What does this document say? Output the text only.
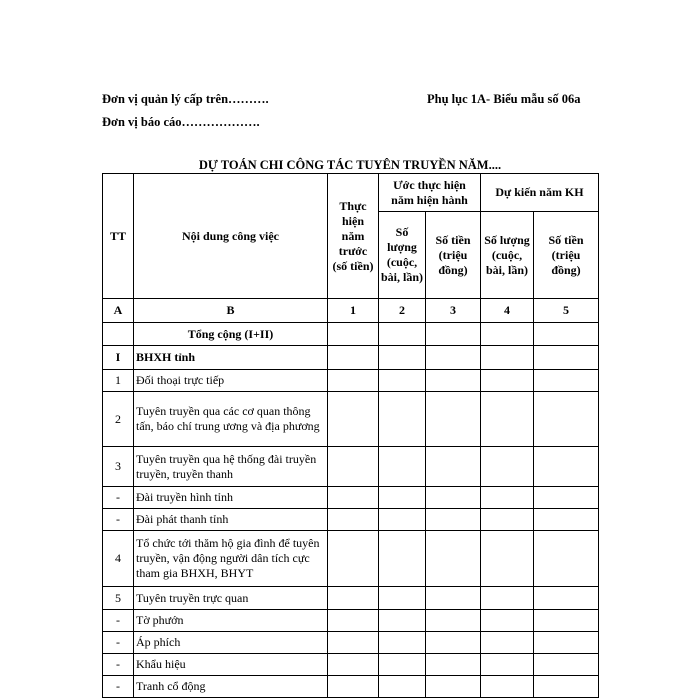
Đơn vị quản lý cấp trên……….	Phụ lục 1A- Biểu mẫu số 06a
Đơn vị báo cáo……………….
DỰ TOÁN CHI CÔNG TÁC TUYÊN TRUYỀN NĂM....
TT	Nội dung công việc	Thực hiện năm trước (số tiền)	Ước thực hiện năm hiện hành		Dự kiến năm KH	
			Số lượng (cuộc, bài, lần)	Số tiền (triệu đồng)	Số lượng (cuộc, bài, lần)	Số tiền (triệu đồng)
A	B	1	2	3	4	5
	Tổng cộng (I+II)					
I	BHXH tỉnh					
1	Đối thoại trực tiếp					
2	Tuyên truyền qua các cơ quan thông tấn, báo chí trung ương và địa phương					
3	Tuyên truyền qua hệ thống đài truyền truyền, truyền thanh					
-	Đài truyền hình tỉnh					
-	Đài phát thanh tỉnh					
4	Tổ chức tới thăm hộ gia đình để tuyên truyền, vận động người dân tích cực tham gia BHXH, BHYT					
5	Tuyên truyền trực quan					
-	Tờ phướn					
-	Áp phích					
-	Khẩu hiệu					
-	Tranh cổ động					
